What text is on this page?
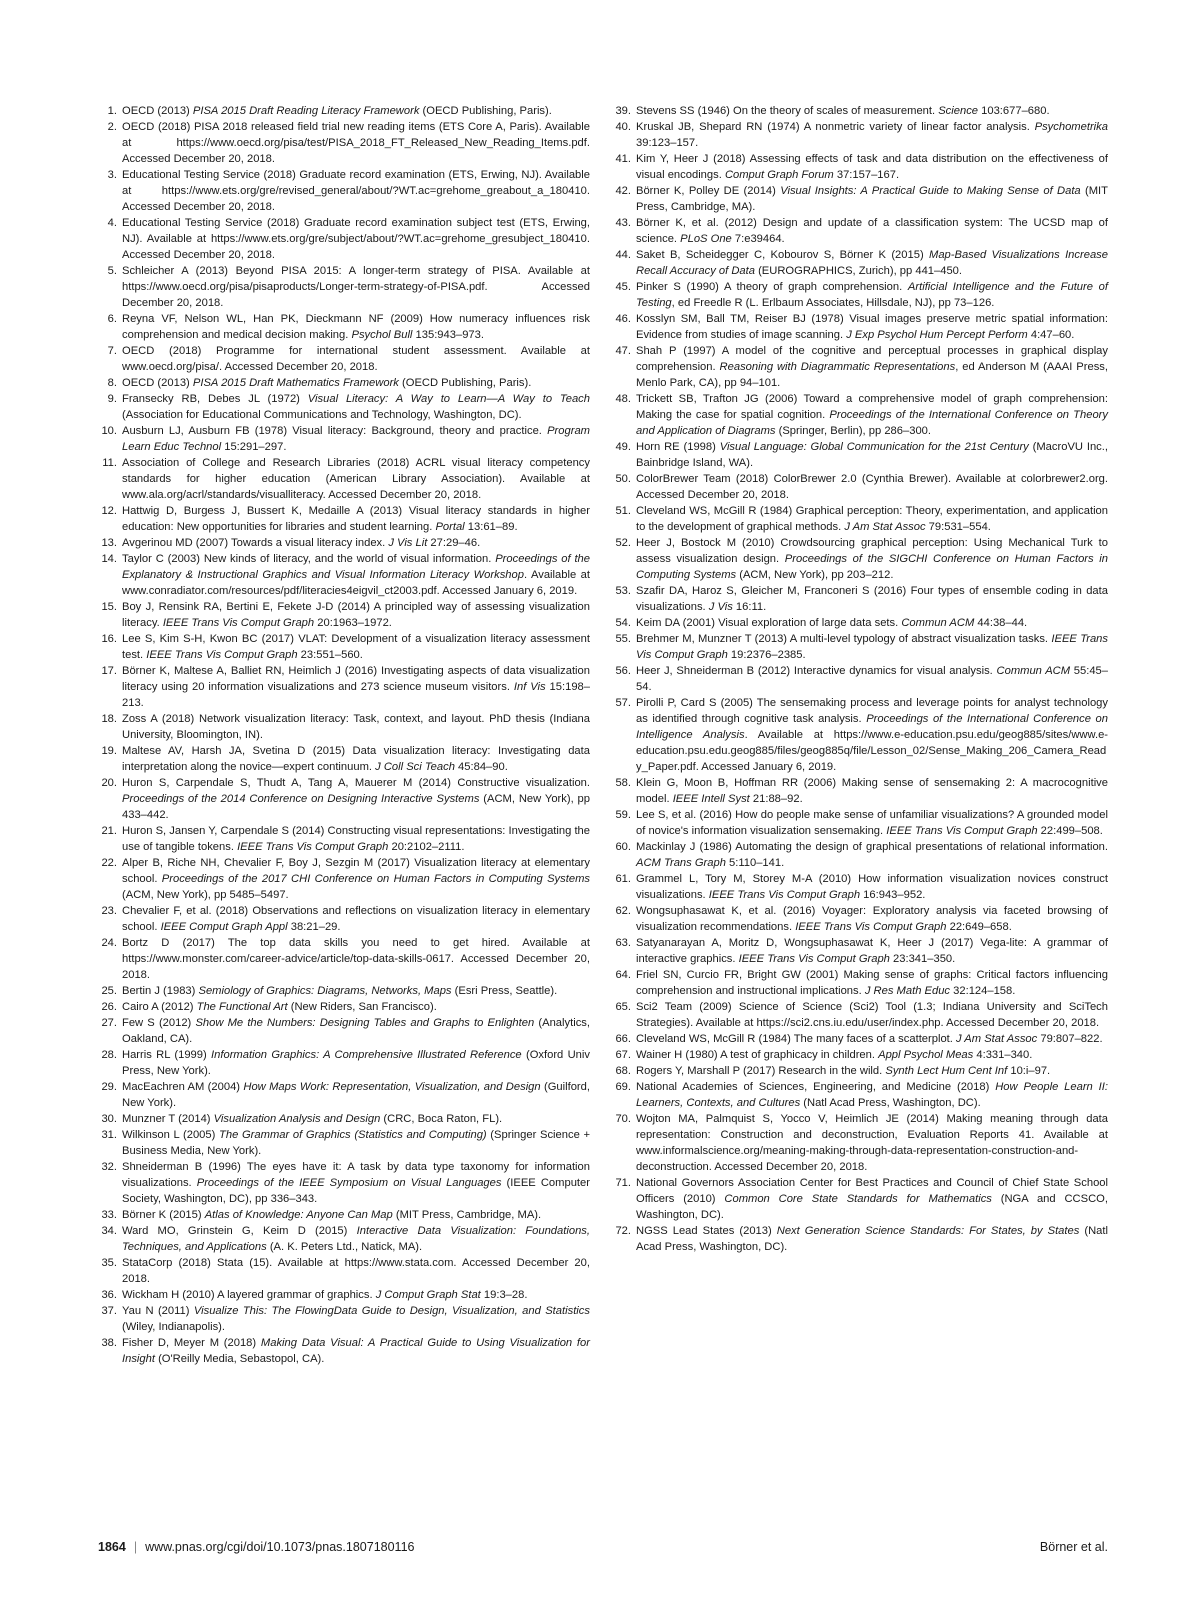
1. OECD (2013) PISA 2015 Draft Reading Literacy Framework (OECD Publishing, Paris).
2. OECD (2018) PISA 2018 released field trial new reading items (ETS Core A, Paris). Available at https://www.oecd.org/pisa/test/PISA_2018_FT_Released_New_Reading_Items.pdf. Accessed December 20, 2018.
3. Educational Testing Service (2018) Graduate record examination (ETS, Erwing, NJ). Available at https://www.ets.org/gre/revised_general/about/?WT.ac=grehome_greabout_a_180410. Accessed December 20, 2018.
4. Educational Testing Service (2018) Graduate record examination subject test (ETS, Erwing, NJ). Available at https://www.ets.org/gre/subject/about/?WT.ac=grehome_gresubject_180410. Accessed December 20, 2018.
5. Schleicher A (2013) Beyond PISA 2015: A longer-term strategy of PISA. Available at https://www.oecd.org/pisa/pisaproducts/Longer-term-strategy-of-PISA.pdf. Accessed December 20, 2018.
6. Reyna VF, Nelson WL, Han PK, Dieckmann NF (2009) How numeracy influences risk comprehension and medical decision making. Psychol Bull 135:943–973.
7. OECD (2018) Programme for international student assessment. Available at www.oecd.org/pisa/. Accessed December 20, 2018.
8. OECD (2013) PISA 2015 Draft Mathematics Framework (OECD Publishing, Paris).
9. Fransecky RB, Debes JL (1972) Visual Literacy: A Way to Learn—A Way to Teach (Association for Educational Communications and Technology, Washington, DC).
10. Ausburn LJ, Ausburn FB (1978) Visual literacy: Background, theory and practice. Program Learn Educ Technol 15:291–297.
11. Association of College and Research Libraries (2018) ACRL visual literacy competency standards for higher education (American Library Association). Available at www.ala.org/acrl/standards/visualliteracy. Accessed December 20, 2018.
12. Hattwig D, Burgess J, Bussert K, Medaille A (2013) Visual literacy standards in higher education: New opportunities for libraries and student learning. Portal 13:61–89.
13. Avgerinou MD (2007) Towards a visual literacy index. J Vis Lit 27:29–46.
14. Taylor C (2003) New kinds of literacy, and the world of visual information. Proceedings of the Explanatory & Instructional Graphics and Visual Information Literacy Workshop. Available at www.conradiator.com/resources/pdf/literacies4eigvil_ct2003.pdf. Accessed January 6, 2019.
15. Boy J, Rensink RA, Bertini E, Fekete J-D (2014) A principled way of assessing visualization literacy. IEEE Trans Vis Comput Graph 20:1963–1972.
16. Lee S, Kim S-H, Kwon BC (2017) VLAT: Development of a visualization literacy assessment test. IEEE Trans Vis Comput Graph 23:551–560.
17. Börner K, Maltese A, Balliet RN, Heimlich J (2016) Investigating aspects of data visualization literacy using 20 information visualizations and 273 science museum visitors. Inf Vis 15:198–213.
18. Zoss A (2018) Network visualization literacy: Task, context, and layout. PhD thesis (Indiana University, Bloomington, IN).
19. Maltese AV, Harsh JA, Svetina D (2015) Data visualization literacy: Investigating data interpretation along the novice—expert continuum. J Coll Sci Teach 45:84–90.
20. Huron S, Carpendale S, Thudt A, Tang A, Mauerer M (2014) Constructive visualization. Proceedings of the 2014 Conference on Designing Interactive Systems (ACM, New York), pp 433–442.
21. Huron S, Jansen Y, Carpendale S (2014) Constructing visual representations: Investigating the use of tangible tokens. IEEE Trans Vis Comput Graph 20:2102–2111.
22. Alper B, Riche NH, Chevalier F, Boy J, Sezgin M (2017) Visualization literacy at elementary school. Proceedings of the 2017 CHI Conference on Human Factors in Computing Systems (ACM, New York), pp 5485–5497.
23. Chevalier F, et al. (2018) Observations and reflections on visualization literacy in elementary school. IEEE Comput Graph Appl 38:21–29.
24. Bortz D (2017) The top data skills you need to get hired. Available at https://www.monster.com/career-advice/article/top-data-skills-0617. Accessed December 20, 2018.
25. Bertin J (1983) Semiology of Graphics: Diagrams, Networks, Maps (Esri Press, Seattle).
26. Cairo A (2012) The Functional Art (New Riders, San Francisco).
27. Few S (2012) Show Me the Numbers: Designing Tables and Graphs to Enlighten (Analytics, Oakland, CA).
28. Harris RL (1999) Information Graphics: A Comprehensive Illustrated Reference (Oxford Univ Press, New York).
29. MacEachren AM (2004) How Maps Work: Representation, Visualization, and Design (Guilford, New York).
30. Munzner T (2014) Visualization Analysis and Design (CRC, Boca Raton, FL).
31. Wilkinson L (2005) The Grammar of Graphics (Statistics and Computing) (Springer Science + Business Media, New York).
32. Shneiderman B (1996) The eyes have it: A task by data type taxonomy for information visualizations. Proceedings of the IEEE Symposium on Visual Languages (IEEE Computer Society, Washington, DC), pp 336–343.
33. Börner K (2015) Atlas of Knowledge: Anyone Can Map (MIT Press, Cambridge, MA).
34. Ward MO, Grinstein G, Keim D (2015) Interactive Data Visualization: Foundations, Techniques, and Applications (A. K. Peters Ltd., Natick, MA).
35. StataCorp (2018) Stata (15). Available at https://www.stata.com. Accessed December 20, 2018.
36. Wickham H (2010) A layered grammar of graphics. J Comput Graph Stat 19:3–28.
37. Yau N (2011) Visualize This: The FlowingData Guide to Design, Visualization, and Statistics (Wiley, Indianapolis).
38. Fisher D, Meyer M (2018) Making Data Visual: A Practical Guide to Using Visualization for Insight (O'Reilly Media, Sebastopol, CA).
39. Stevens SS (1946) On the theory of scales of measurement. Science 103:677–680.
40. Kruskal JB, Shepard RN (1974) A nonmetric variety of linear factor analysis. Psychometrika 39:123–157.
41. Kim Y, Heer J (2018) Assessing effects of task and data distribution on the effectiveness of visual encodings. Comput Graph Forum 37:157–167.
42. Börner K, Polley DE (2014) Visual Insights: A Practical Guide to Making Sense of Data (MIT Press, Cambridge, MA).
43. Börner K, et al. (2012) Design and update of a classification system: The UCSD map of science. PLoS One 7:e39464.
44. Saket B, Scheidegger C, Kobourov S, Börner K (2015) Map-Based Visualizations Increase Recall Accuracy of Data (EUROGRAPHICS, Zurich), pp 441–450.
45. Pinker S (1990) A theory of graph comprehension. Artificial Intelligence and the Future of Testing, ed Freedle R (L. Erlbaum Associates, Hillsdale, NJ), pp 73–126.
46. Kosslyn SM, Ball TM, Reiser BJ (1978) Visual images preserve metric spatial information: Evidence from studies of image scanning. J Exp Psychol Hum Percept Perform 4:47–60.
47. Shah P (1997) A model of the cognitive and perceptual processes in graphical display comprehension. Reasoning with Diagrammatic Representations, ed Anderson M (AAAI Press, Menlo Park, CA), pp 94–101.
48. Trickett SB, Trafton JG (2006) Toward a comprehensive model of graph comprehension: Making the case for spatial cognition. Proceedings of the International Conference on Theory and Application of Diagrams (Springer, Berlin), pp 286–300.
49. Horn RE (1998) Visual Language: Global Communication for the 21st Century (MacroVU Inc., Bainbridge Island, WA).
50. ColorBrewer Team (2018) ColorBrewer 2.0 (Cynthia Brewer). Available at colorbrewer2.org. Accessed December 20, 2018.
51. Cleveland WS, McGill R (1984) Graphical perception: Theory, experimentation, and application to the development of graphical methods. J Am Stat Assoc 79:531–554.
52. Heer J, Bostock M (2010) Crowdsourcing graphical perception: Using Mechanical Turk to assess visualization design. Proceedings of the SIGCHI Conference on Human Factors in Computing Systems (ACM, New York), pp 203–212.
53. Szafir DA, Haroz S, Gleicher M, Franconeri S (2016) Four types of ensemble coding in data visualizations. J Vis 16:11.
54. Keim DA (2001) Visual exploration of large data sets. Commun ACM 44:38–44.
55. Brehmer M, Munzner T (2013) A multi-level typology of abstract visualization tasks. IEEE Trans Vis Comput Graph 19:2376–2385.
56. Heer J, Shneiderman B (2012) Interactive dynamics for visual analysis. Commun ACM 55:45–54.
57. Pirolli P, Card S (2005) The sensemaking process and leverage points for analyst technology as identified through cognitive task analysis. Proceedings of the International Conference on Intelligence Analysis. Available at https://www.e-education.psu.edu/geog885/sites/www.e-education.psu.edu.geog885/files/geog885q/file/Lesson_02/Sense_Making_206_Camera_Ready_Paper.pdf. Accessed January 6, 2019.
58. Klein G, Moon B, Hoffman RR (2006) Making sense of sensemaking 2: A macrocognitive model. IEEE Intell Syst 21:88–92.
59. Lee S, et al. (2016) How do people make sense of unfamiliar visualizations? A grounded model of novice's information visualization sensemaking. IEEE Trans Vis Comput Graph 22:499–508.
60. Mackinlay J (1986) Automating the design of graphical presentations of relational information. ACM Trans Graph 5:110–141.
61. Grammel L, Tory M, Storey M-A (2010) How information visualization novices construct visualizations. IEEE Trans Vis Comput Graph 16:943–952.
62. Wongsuphasawat K, et al. (2016) Voyager: Exploratory analysis via faceted browsing of visualization recommendations. IEEE Trans Vis Comput Graph 22:649–658.
63. Satyanarayan A, Moritz D, Wongsuphasawat K, Heer J (2017) Vega-lite: A grammar of interactive graphics. IEEE Trans Vis Comput Graph 23:341–350.
64. Friel SN, Curcio FR, Bright GW (2001) Making sense of graphs: Critical factors influencing comprehension and instructional implications. J Res Math Educ 32:124–158.
65. Sci2 Team (2009) Science of Science (Sci2) Tool (1.3; Indiana University and SciTech Strategies). Available at https://sci2.cns.iu.edu/user/index.php. Accessed December 20, 2018.
66. Cleveland WS, McGill R (1984) The many faces of a scatterplot. J Am Stat Assoc 79:807–822.
67. Wainer H (1980) A test of graphicacy in children. Appl Psychol Meas 4:331–340.
68. Rogers Y, Marshall P (2017) Research in the wild. Synth Lect Hum Cent Inf 10:i–97.
69. National Academies of Sciences, Engineering, and Medicine (2018) How People Learn II: Learners, Contexts, and Cultures (Natl Acad Press, Washington, DC).
70. Wojton MA, Palmquist S, Yocco V, Heimlich JE (2014) Making meaning through data representation: Construction and deconstruction, Evaluation Reports 41. Available at www.informalscience.org/meaning-making-through-data-representation-construction-and-deconstruction. Accessed December 20, 2018.
71. National Governors Association Center for Best Practices and Council of Chief State School Officers (2010) Common Core State Standards for Mathematics (NGA and CCSCO, Washington, DC).
72. NGSS Lead States (2013) Next Generation Science Standards: For States, by States (Natl Acad Press, Washington, DC).
1864 | www.pnas.org/cgi/doi/10.1073/pnas.1807180116	Börner et al.
